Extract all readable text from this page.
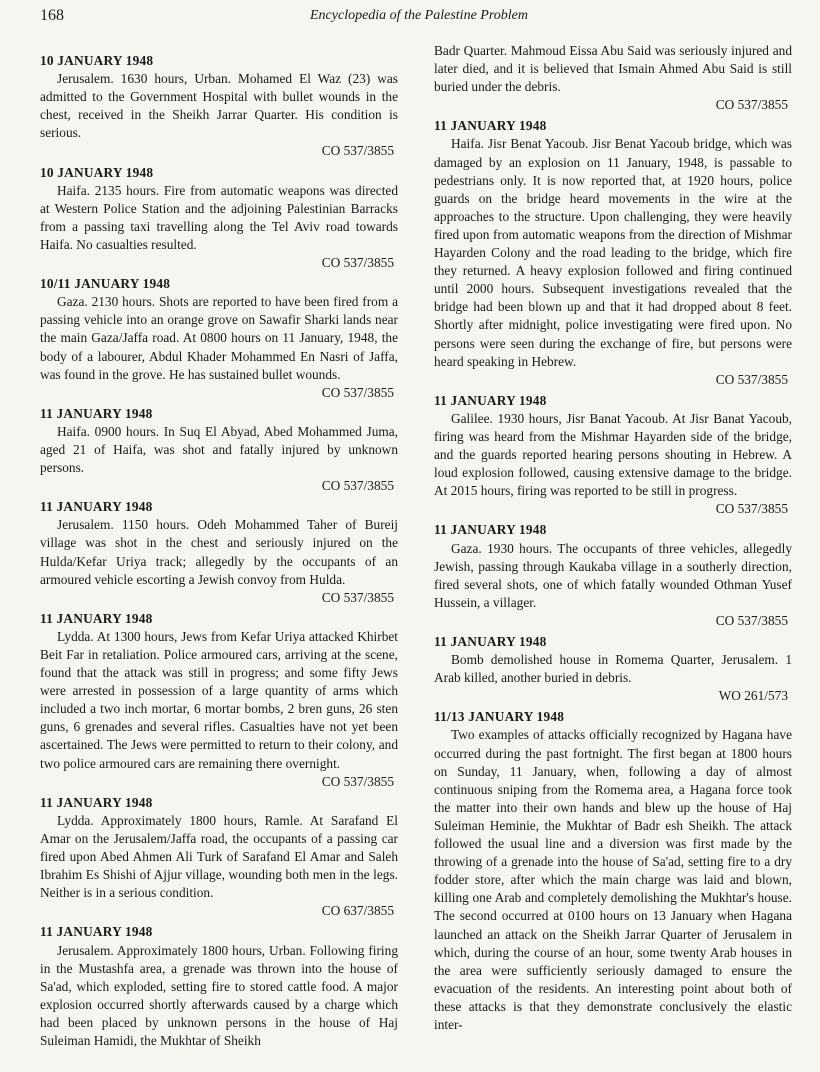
168	Encyclopedia of the Palestine Problem

10 JANUARY 1948

Jerusalem. 1630 hours, Urban. Mohamed El Waz (23) was admitted to the Government Hospital with bullet wounds in the chest, received in the Sheikh Jarrar Quarter. His condition is serious.

CO 537/3855

10 JANUARY 1948

Haifa. 2135 hours. Fire from automatic weapons was directed at Western Police Station and the adjoining Palestinian Barracks from a passing taxi travelling along the Tel Aviv road towards Haifa. No casualties resulted.

CO 537/3855

10/11 JANUARY 1948

Gaza. 2130 hours. Shots are reported to have been fired from a passing vehicle into an orange grove on Sawafir Sharki lands near the main Gaza/Jaffa road. At 0800 hours on 11 January, 1948, the body of a labourer, Abdul Khader Mohammed En Nasri of Jaffa, was found in the grove. He has sustained bullet wounds.

CO 537/3855

11 JANUARY 1948

Haifa. 0900 hours. In Suq El Abyad, Abed Mohammed Juma, aged 21 of Haifa, was shot and fatally injured by unknown persons.

CO 537/3855

11 JANUARY 1948

Jerusalem. 1150 hours. Odeh Mohammed Taher of Bureij village was shot in the chest and seriously injured on the Hulda/Kefar Uriya track; allegedly by the occupants of an armoured vehicle escorting a Jewish convoy from Hulda.

CO 537/3855

11 JANUARY 1948

Lydda. At 1300 hours, Jews from Kefar Uriya attacked Khirbet Beit Far in retaliation. Police armoured cars, arriving at the scene, found that the attack was still in progress; and some fifty Jews were arrested in possession of a large quantity of arms which included a two inch mortar, 6 mortar bombs, 2 bren guns, 26 sten guns, 6 grenades and several rifles. Casualties have not yet been ascertained. The Jews were permitted to return to their colony, and two police armoured cars are remaining there overnight.

CO 537/3855

11 JANUARY 1948

Lydda. Approximately 1800 hours, Ramle. At Sarafand El Amar on the Jerusalem/Jaffa road, the occupants of a passing car fired upon Abed Ahmen Ali Turk of Sarafand El Amar and Saleh Ibrahim Es Shishi of Ajjur village, wounding both men in the legs. Neither is in a serious condition.

CO 637/3855

11 JANUARY 1948

Jerusalem. Approximately 1800 hours, Urban. Following firing in the Mustashfa area, a grenade was thrown into the house of Sa'ad, which exploded, setting fire to stored cattle food. A major explosion occurred shortly afterwards caused by a charge which had been placed by unknown persons in the house of Haj Suleiman Hamidi, the Mukhtar of Sheikh

Badr Quarter. Mahmoud Eissa Abu Said was seriously injured and later died, and it is believed that Ismain Ahmed Abu Said is still buried under the debris.

CO 537/3855

11 JANUARY 1948

Haifa. Jisr Benat Yacoub. Jisr Benat Yacoub bridge, which was damaged by an explosion on 11 January, 1948, is passable to pedestrians only. It is now reported that, at 1920 hours, police guards on the bridge heard movements in the wire at the approaches to the structure. Upon challenging, they were heavily fired upon from automatic weapons from the direction of Mishmar Hayarden Colony and the road leading to the bridge, which fire they returned. A heavy explosion followed and firing continued until 2000 hours. Subsequent investigations revealed that the bridge had been blown up and that it had dropped about 8 feet. Shortly after midnight, police investigating were fired upon. No persons were seen during the exchange of fire, but persons were heard speaking in Hebrew.

CO 537/3855

11 JANUARY 1948

Galilee. 1930 hours, Jisr Banat Yacoub. At Jisr Banat Yacoub, firing was heard from the Mishmar Hayarden side of the bridge, and the guards reported hearing persons shouting in Hebrew. A loud explosion followed, causing extensive damage to the bridge. At 2015 hours, firing was reported to be still in progress.

CO 537/3855

11 JANUARY 1948

Gaza. 1930 hours. The occupants of three vehicles, allegedly Jewish, passing through Kaukaba village in a southerly direction, fired several shots, one of which fatally wounded Othman Yusef Hussein, a villager.

CO 537/3855

11 JANUARY 1948

Bomb demolished house in Romema Quarter, Jerusalem. 1 Arab killed, another buried in debris.

WO 261/573

11/13 JANUARY 1948

Two examples of attacks officially recognized by Hagana have occurred during the past fortnight. The first began at 1800 hours on Sunday, 11 January, when, following a day of almost continuous sniping from the Romema area, a Hagana force took the matter into their own hands and blew up the house of Haj Suleiman Heminie, the Mukhtar of Badr esh Sheikh. The attack followed the usual line and a diversion was first made by the throwing of a grenade into the house of Sa'ad, setting fire to a dry fodder store, after which the main charge was laid and blown, killing one Arab and completely demolishing the Mukhtar's house. The second occurred at 0100 hours on 13 January when Hagana launched an attack on the Sheikh Jarrar Quarter of Jerusalem in which, during the course of an hour, some twenty Arab houses in the area were sufficiently seriously damaged to ensure the evacuation of the residents. An interesting point about both of these attacks is that they demonstrate conclusively the elastic inter-
